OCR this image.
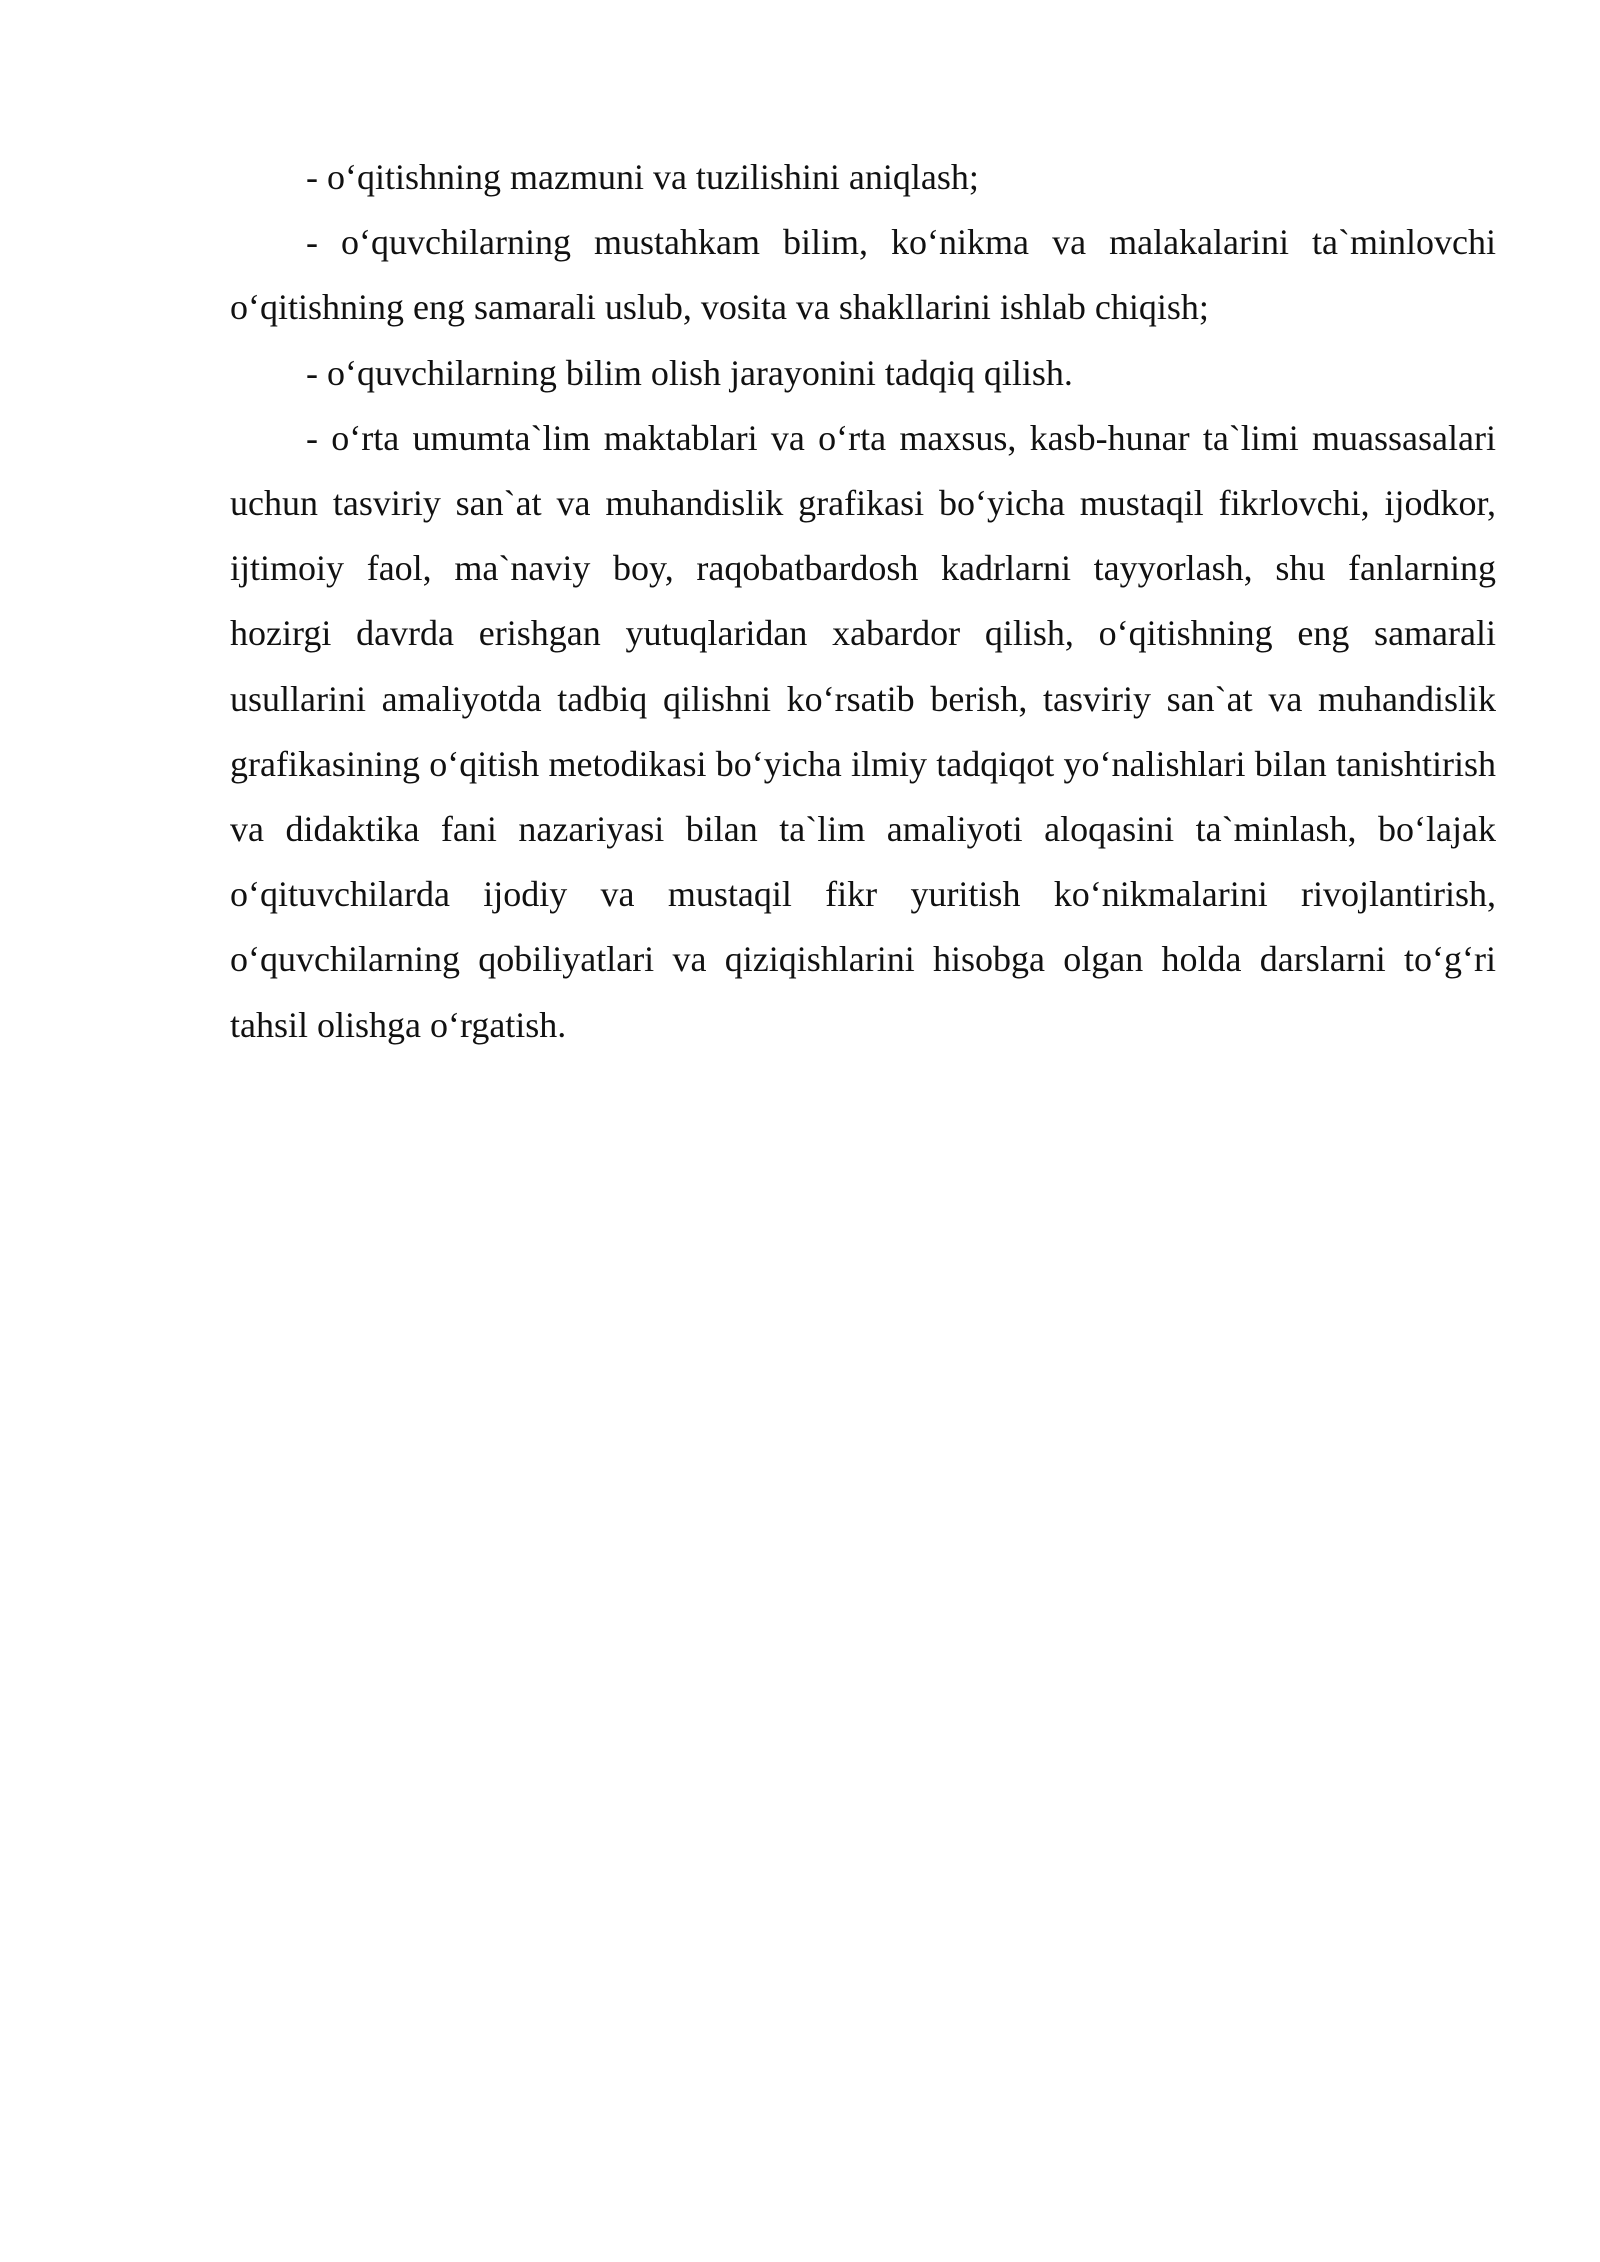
- o‘qitishning mazmuni va tuzilishini aniqlash;

- o‘quvchilarning mustahkam bilim, ko‘nikma va malakalarini ta`minlovchi o‘qitishning eng samarali uslub, vosita va shakllarini ishlab chiqish;

- o‘quvchilarning bilim olish jarayonini tadqiq qilish.

- o‘rta umumta`lim maktablari va o‘rta maxsus, kasb-hunar ta`limi muassasalari uchun tasviriy san`at va muhandislik grafikasi bo‘yicha mustaqil fikrlovchi, ijodkor, ijtimoiy faol, ma`naviy boy, raqobatbardosh kadrlarni tayyorlash, shu fanlarning hozirgi davrda erishgan yutuqlaridan xabardor qilish, o‘qitishning eng samarali usullarini amaliyotda tadbiq qilishni ko‘rsatib berish, tasviriy san`at va muhandislik grafikasining o‘qitish metodikasi bo‘yicha ilmiy tadqiqot yo‘nalishlari bilan tanishtirish va didaktika fani nazariyasi bilan ta`lim amaliyoti aloqasini ta`minlash, bo‘lajak o‘qituvchilarda ijodiy va mustaqil fikr yuritish ko‘nikmalarini rivojlantirish, o‘quvchilarning qobiliyatlari va qiziqishlarini hisobga olgan holda darslarni to‘g‘ri tahsil olishga o‘rgatish.
